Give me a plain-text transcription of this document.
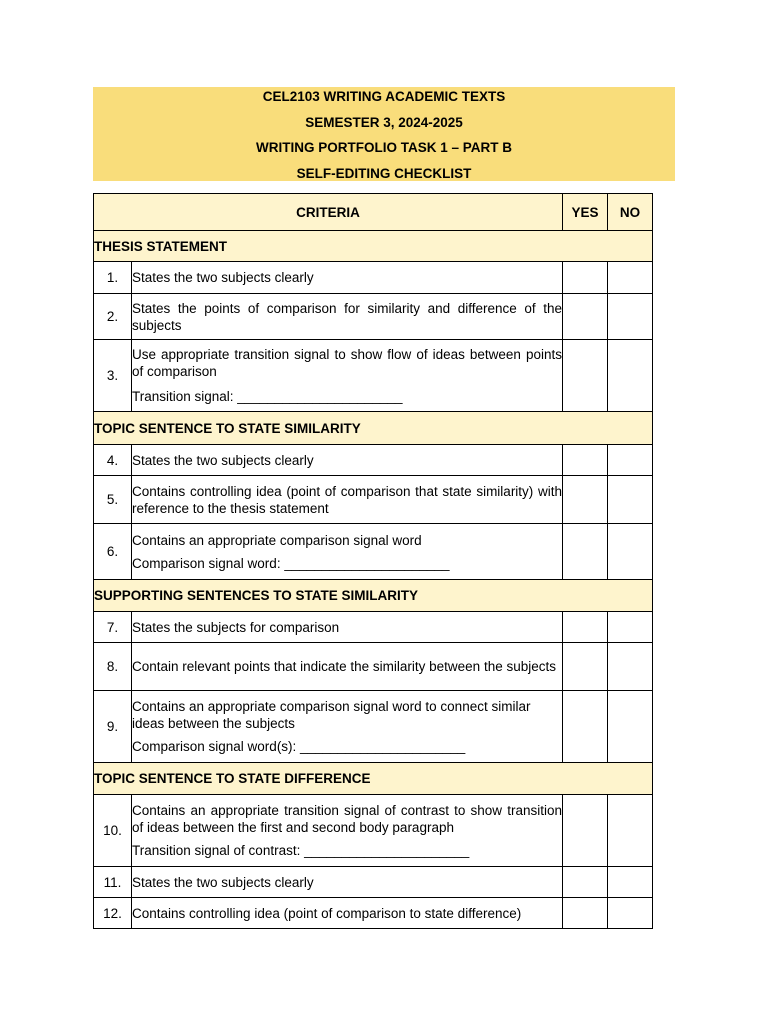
CEL2103 WRITING ACADEMIC TEXTS
SEMESTER 3, 2024-2025
WRITING PORTFOLIO TASK 1 – PART B
SELF-EDITING CHECKLIST
CRITERIA		YES	NO
THESIS STATEMENT			
1.	States the two subjects clearly		
2.	States the points of comparison for similarity and difference of the subjects		
3.	Use appropriate transition signal to show flow of ideas between points of comparison
Transition signal: ______________________		

TOPIC SENTENCE TO STATE SIMILARITY			
4.	States the two subjects clearly		
5.	Contains controlling idea (point of comparison that state similarity) with reference to the thesis statement		
6.	Contains an appropriate comparison signal word
Comparison signal word: ______________________		

SUPPORTING SENTENCES TO STATE SIMILARITY			
7.	States the subjects for comparison		
8.	Contain relevant points that indicate the similarity between the subjects		
9.	Contains an appropriate comparison signal word to connect similar ideas between the subjects
Comparison signal word(s): ______________________		

TOPIC SENTENCE TO STATE DIFFERENCE			
10.	Contains an appropriate transition signal of contrast to show transition of ideas between the first and second body paragraph
Transition signal of contrast: ______________________		

11.	States the two subjects clearly		
12.	Contains controlling idea (point of comparison to state difference)		
